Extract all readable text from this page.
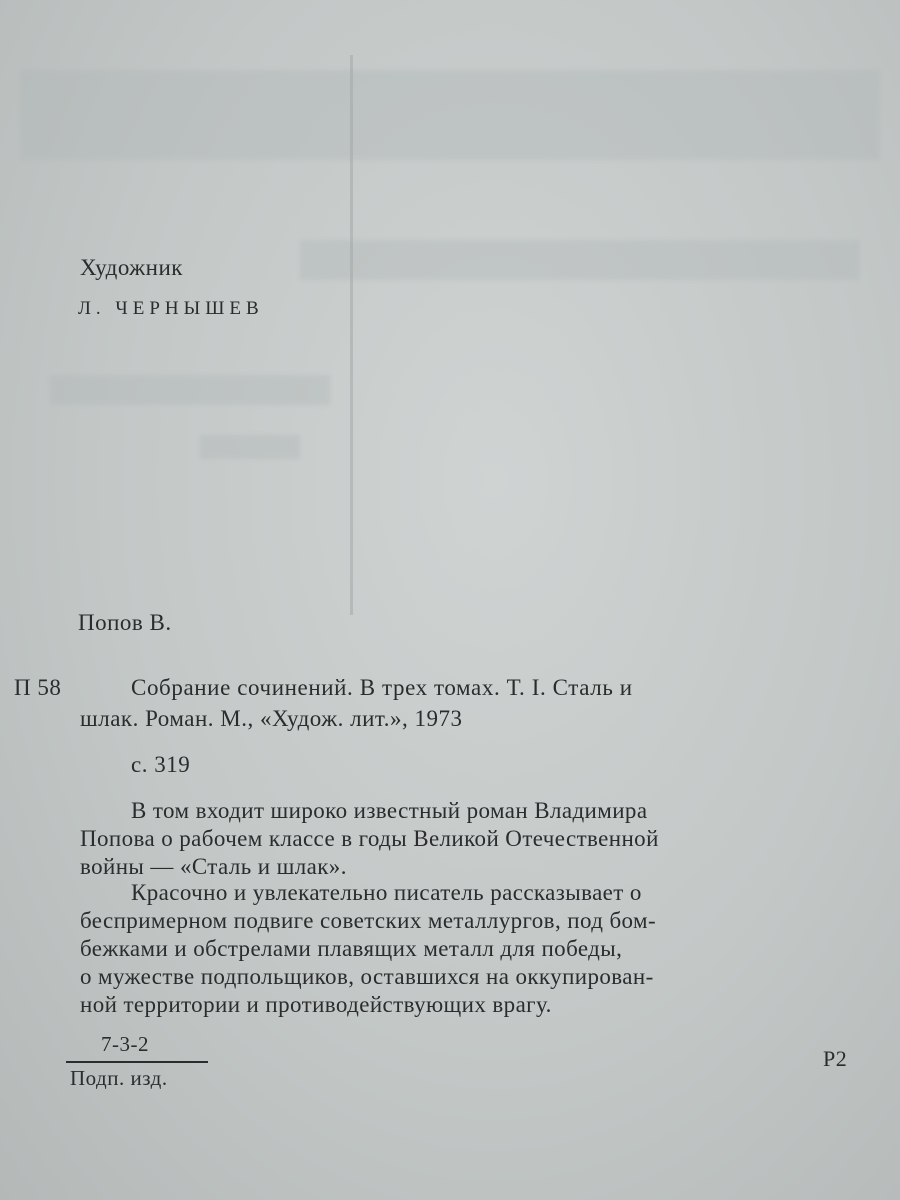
Художник
Л. ЧЕРНЫШЕВ
Попов В.
П 58	Собрание сочинений. В трех томах. Т. I. Сталь и
шлак. Роман. М., «Худож. лит.», 1973
с. 319
В том входит широко известный роман Владимира
Попова о рабочем классе в годы Великой Отечественной
войны — «Сталь и шлак».
Красочно и увлекательно писатель рассказывает о
беспримерном подвиге советских металлургов, под бом-
бежками и обстрелами плавящих металл для победы,
о мужестве подпольщиков, оставшихся на оккупирован-
ной территории и противодействующих врагу.
7-3-2
Подп. изд.
Р2
